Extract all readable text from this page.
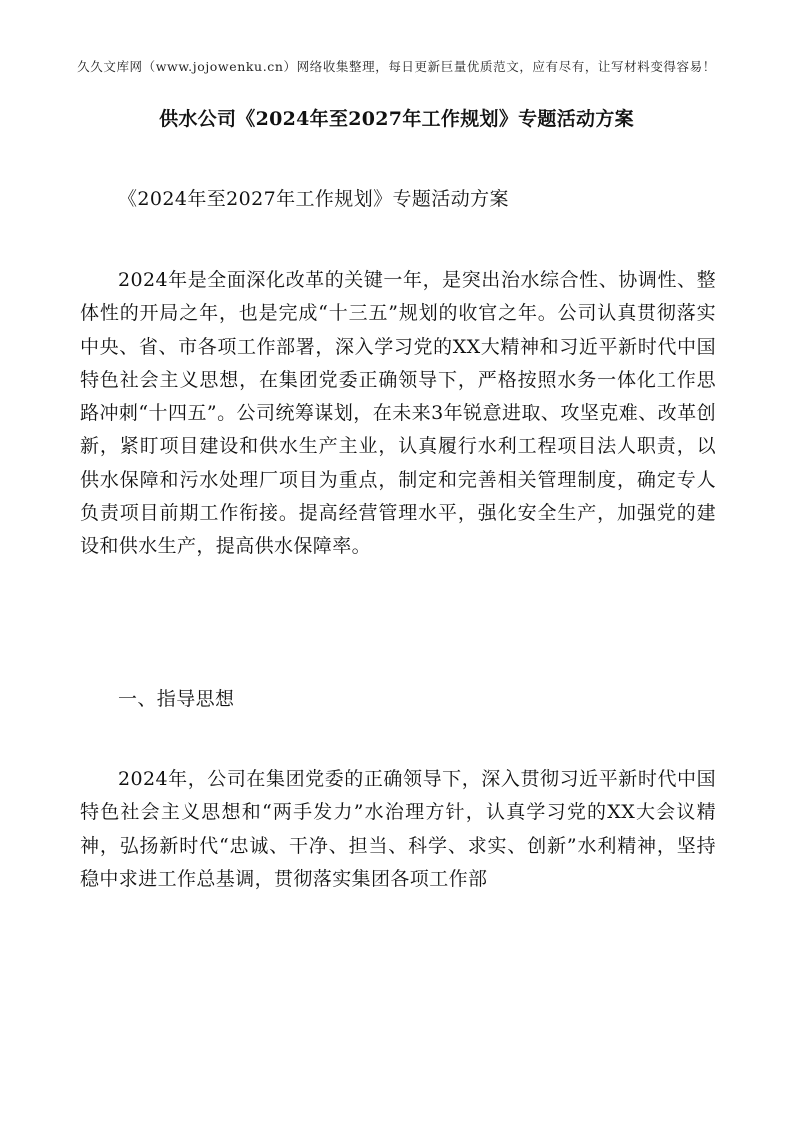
久久文库网（www.jojowenku.cn）网络收集整理，每日更新巨量优质范文，应有尽有，让写材料变得容易！
供水公司《2024年至2027年工作规划》专题活动方案

《2024年至2027年工作规划》专题活动方案

2024年是全面深化改革的关键一年，是突出治水综合性、协调性、整体性的开局之年，也是完成“十三五”规划的收官之年。公司认真贯彻落实中央、省、市各项工作部署，深入学习党的XX大精神和习近平新时代中国特色社会主义思想，在集团党委正确领导下，严格按照水务一体化工作思路冲刺“十四五”。公司统筹谋划，在未来3年锐意进取、攻坚克难、改革创新，紧盯项目建设和供水生产主业，认真履行水利工程项目法人职责，以供水保障和污水处理厂项目为重点，制定和完善相关管理制度，确定专人负责项目前期工作衔接。提高经营管理水平，强化安全生产，加强党的建设和供水生产，提高供水保障率。

一、指导思想

2024年，公司在集团党委的正确领导下，深入贯彻习近平新时代中国特色社会主义思想和“两手发力”水治理方针，认真学习党的XX大会议精神，弘扬新时代“忠诚、干净、担当、科学、求实、创新”水利精神，坚持稳中求进工作总基调，贯彻落实集团各项工作部
